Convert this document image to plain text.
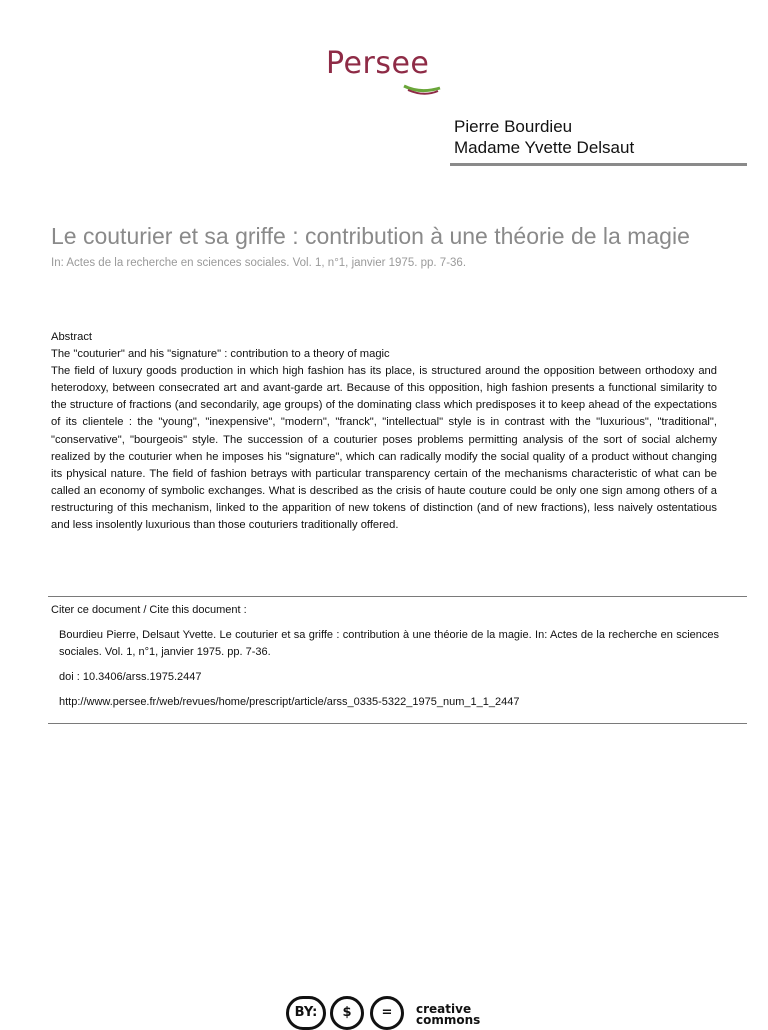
Persee
Pierre Bourdieu
Madame Yvette Delsaut
Le couturier et sa griffe : contribution à une théorie de la magie
In: Actes de la recherche en sciences sociales. Vol. 1, n°1, janvier 1975. pp. 7-36.

Abstract

The "couturier" and his "signature" : contribution to a theory of magic

The field of luxury goods production in which high fashion has its place, is structured around the opposition between orthodoxy and heterodoxy, between consecrated art and avant-garde art. Because of this opposition, high fashion presents a functional similarity to the structure of fractions (and secondarily, age groups) of the dominating class which predisposes it to keep ahead of the expectations of its clientele : the "young", "inexpensive", "modern", "franck", "intellectual" style is in contrast with the "luxurious", "traditional", "conservative", "bourgeois" style. The succession of a couturier poses problems permitting analysis of the sort of social alchemy realized by the couturier when he imposes his "signature", which can radically modify the social quality of a product without changing its physical nature. The field of fashion betrays with particular transparency certain of the mechanisms characteristic of what can be called an economy of symbolic exchanges. What is described as the crisis of haute couture could be only one sign among others of a restructuring of this mechanism, linked to the apparition of new tokens of distinction (and of new fractions), less naively ostentatious and less insolently luxurious than those couturiers traditionally offered.

Citer ce document / Cite this document :

Bourdieu Pierre, Delsaut Yvette. Le couturier et sa griffe : contribution à une théorie de la magie. In: Actes de la recherche en sciences sociales. Vol. 1, n°1, janvier 1975. pp. 7-36.

doi : 10.3406/arss.1975.2447

http://www.persee.fr/web/revues/home/prescript/article/arss_0335-5322_1975_num_1_1_2447

BY:	$	=	creative
commons
